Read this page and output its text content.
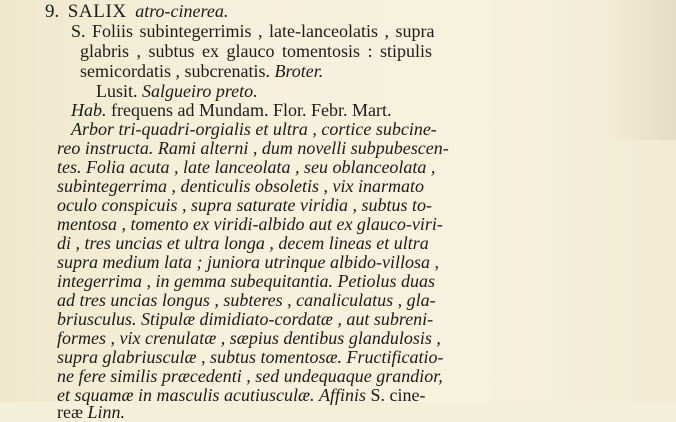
9. SALIX atro-cinerea.
S. Foliis subintegerrimis , late-lanceolatis , supra
glabris , subtus ex glauco tomentosis : stipulis
semicordatis , subcrenatis. Broter.
Lusit. Salgueiro preto.
Hab. frequens ad Mundam. Flor. Febr. Mart.
Arbor tri-quadri-orgialis et ultra , cortice subcine-
reo instructa. Rami alterni , dum novelli subpubescen-
tes. Folia acuta , late lanceolata , seu oblanceolata ,
subintegerrima , denticulis obsoletis , vix inarmato
oculo conspicuis , supra saturate viridia , subtus to-
mentosa , tomento ex viridi-albido aut ex glauco-viri-
di , tres uncias et ultra longa , decem lineas et ultra
supra medium lata ; juniora utrinque albido-villosa ,
integerrima , in gemma subequitantia. Petiolus duas
ad tres uncias longus , subteres , canaliculatus , gla-
briusculus. Stipulæ dimidiato-cordatæ , aut subreni-
formes , vix crenulatæ , sæpius dentibus glandulosis ,
supra glabriusculæ , subtus tomentosæ. Fructificatio-
ne fere similis præcedenti , sed undequaque grandior,
et squamæ in masculis acutiusculæ. Affinis S. cine-
reæ Linn.
